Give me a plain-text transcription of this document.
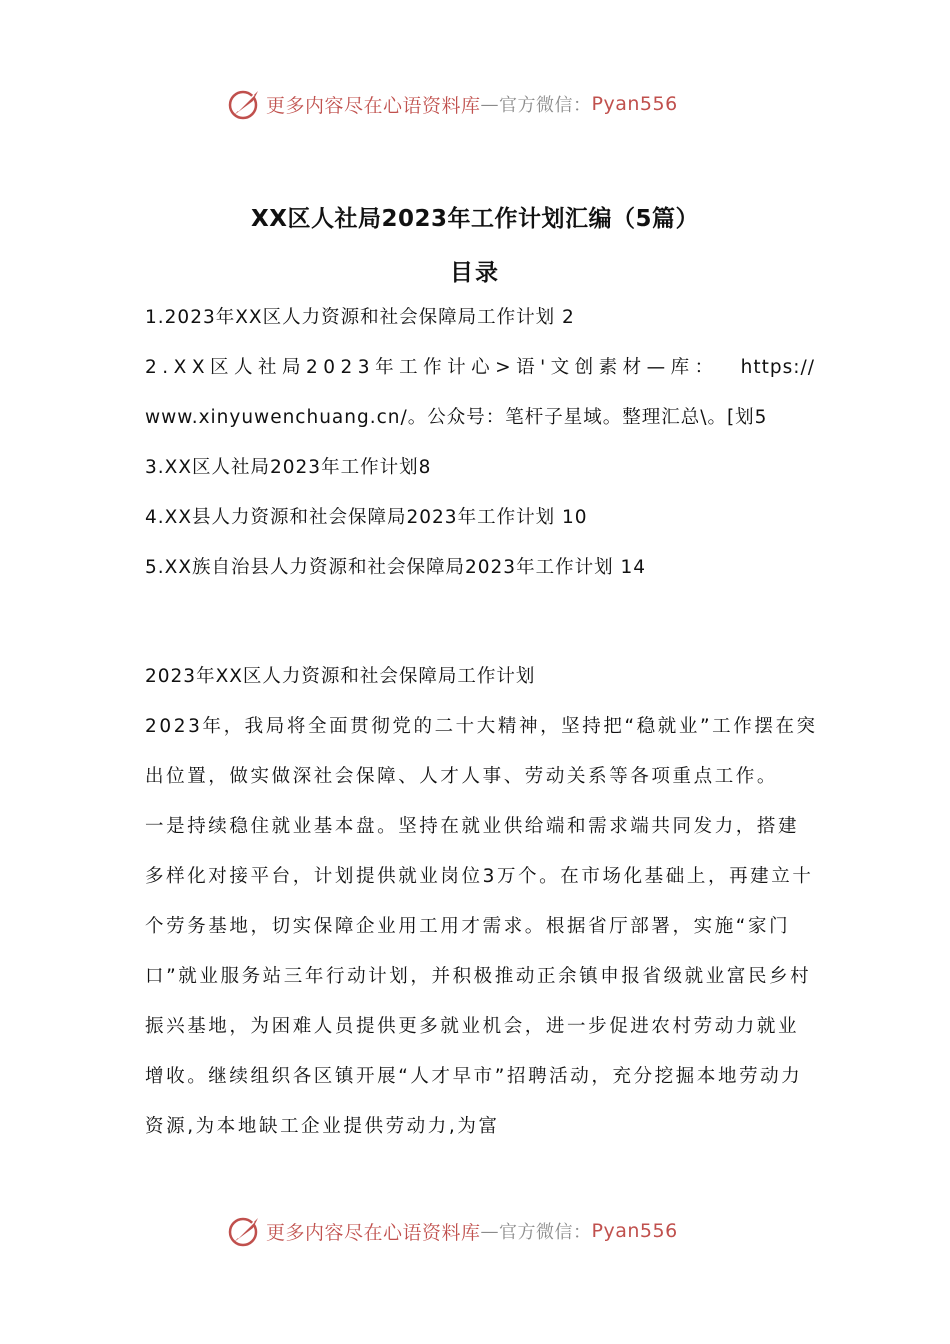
更多内容尽在心语资料库 — 官方微信： Pyan556
XX区人社局2023年工作计划汇编（5篇）
目录
1.2023年XX区人力资源和社会保障局工作计划 2
2.XX区人社局2023年工作计心>语'文创素材—库： https://
www.xinyuwenchuang.cn/。公众号：笔杆子星域。整理汇总\。[划5
3.XX区人社局2023年工作计划8
4.XX县人力资源和社会保障局2023年工作计划 10
5.XX族自治县人力资源和社会保障局2023年工作计划 14

2023年XX区人力资源和社会保障局工作计划

2023年，我局将全面贯彻党的二十大精神，坚持把“稳就业”工作摆在突出位置，做实做深社会保障、人才人事、劳动关系等各项重点工作。

一是持续稳住就业基本盘。坚持在就业供给端和需求端共同发力，搭建多样化对接平台，计划提供就业岗位3万个。在市场化基础上，再建立十个劳务基地，切实保障企业用工用才需求。根据省厅部署，实施“家门口”就业服务站三年行动计划，并积极推动正余镇申报省级就业富民乡村振兴基地，为困难人员提供更多就业机会，进一步促进农村劳动力就业增收。继续组织各区镇开展“人才早市”招聘活动，充分挖掘本地劳动力资源,为本地缺工企业提供劳动力,为富

更多内容尽在心语资料库 — 官方微信： Pyan556
